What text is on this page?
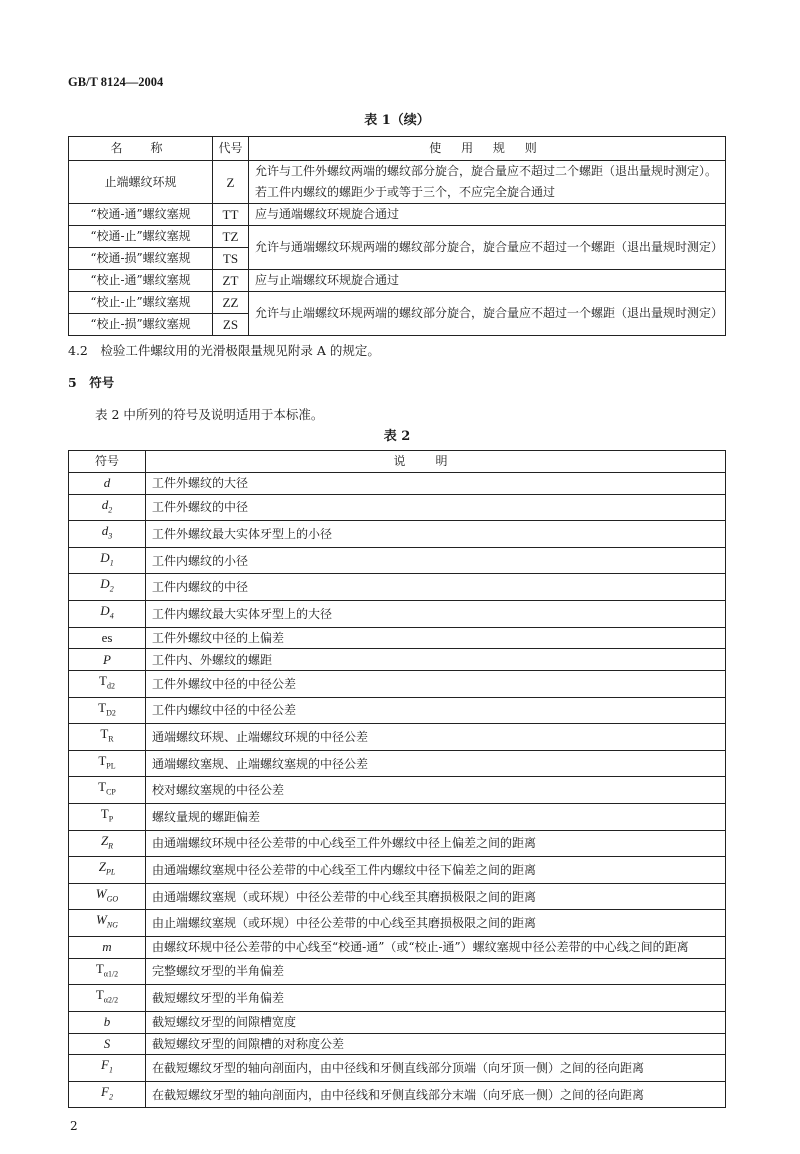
GB/T 8124—2004
表 1（续）
名　称	代号	使 用 规 则
止端螺纹环规	Z	允许与工件外螺纹两端的螺纹部分旋合，旋合量应不超过二个螺距（退出量规时测定）。若工件内螺纹的螺距少于或等于三个，不应完全旋合通过
“校通-通”螺纹塞规	TT	应与通端螺纹环规旋合通过
“校通-止”螺纹塞规	TZ	允许与通端螺纹环规两端的螺纹部分旋合，旋合量应不超过一个螺距（退出量规时测定）
“校通-损”螺纹塞规	TS	
“校止-通”螺纹塞规	ZT	应与止端螺纹环规旋合通过
“校止-止”螺纹塞规	ZZ	允许与止端螺纹环规两端的螺纹部分旋合，旋合量应不超过一个螺距（退出量规时测定）
“校止-损”螺纹塞规	ZS	
4.2　检验工件螺纹用的光滑极限量规见附录 A 的规定。
5　符号
表 2 中所列的符号及说明适用于本标准。
表 2
符号	说明
d	工件外螺纹的大径
$d_2$	工件外螺纹的中径
$d_3$	工件外螺纹最大实体牙型上的小径
$D_1$	工件内螺纹的小径
$D_2$	工件内螺纹的中径
$D_4$	工件内螺纹最大实体牙型上的大径
es	工件外螺纹中径的上偏差
P	工件内、外螺纹的螺距
$T_{d2}$	工件外螺纹中径的中径公差
$T_{D2}$	工件内螺纹中径的中径公差
$T_R$	通端螺纹环规、止端螺纹环规的中径公差
$T_{PL}$	通端螺纹塞规、止端螺纹塞规的中径公差
$T_{CP}$	校对螺纹塞规的中径公差
$T_P$	螺纹量规的螺距偏差
$Z_R$	由通端螺纹环规中径公差带的中心线至工件外螺纹中径上偏差之间的距离
$Z_{PL}$	由通端螺纹塞规中径公差带的中心线至工件内螺纹中径下偏差之间的距离
$W_{GO}$	由通端螺纹塞规（或环规）中径公差带的中心线至其磨损极限之间的距离
$W_{NG}$	由止端螺纹塞规（或环规）中径公差带的中心线至其磨损极限之间的距离
m	由螺纹环规中径公差带的中心线至“校通-通”（或“校止-通”）螺纹塞规中径公差带的中心线之间的距离
$T_{\alpha 1/2}$	完整螺纹牙型的半角偏差
$T_{\alpha 2/2}$	截短螺纹牙型的半角偏差
b	截短螺纹牙型的间隙槽宽度
S	截短螺纹牙型的间隙槽的对称度公差
$F_1$	在截短螺纹牙型的轴向剖面内，由中径线和牙侧直线部分顶端（向牙顶一侧）之间的径向距离
$F_2$	在截短螺纹牙型的轴向剖面内，由中径线和牙侧直线部分末端（向牙底一侧）之间的径向距离
2
